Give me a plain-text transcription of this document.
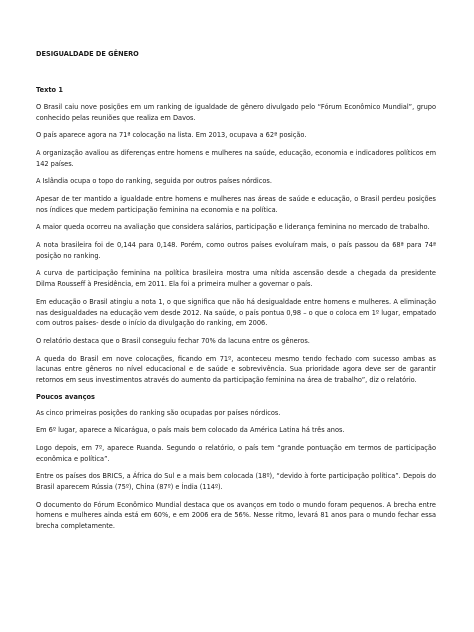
DESIGUALDADE DE GÊNERO

Texto 1

O Brasil caiu nove posições em um ranking de igualdade de gênero divulgado pelo “Fórum Econômico Mundial”, grupo conhecido pelas reuniões que realiza em Davos.

O país aparece agora na 71ª colocação na lista. Em 2013, ocupava a 62ª posição.

A organização avaliou as diferenças entre homens e mulheres na saúde, educação, economia e indicadores políticos em 142 países.

A Islândia ocupa o topo do ranking, seguida por outros países nórdicos.

Apesar de ter mantido a igualdade entre homens e mulheres nas áreas de saúde e educação, o Brasil perdeu posições nos índices que medem participação feminina na economia e na política.

A maior queda ocorreu na avaliação que considera salários, participação e liderança feminina no mercado de trabalho.

A nota brasileira foi de 0,144 para 0,148. Porém, como outros países evoluíram mais, o país passou da 68ª para 74ª posição no ranking.

A curva de participação feminina na política brasileira mostra uma nítida ascensão desde a chegada da presidente Dilma Rousseff à Presidência, em 2011. Ela foi a primeira mulher a governar o país.

Em educação o Brasil atingiu a nota 1, o que significa que não há desigualdade entre homens e mulheres. A eliminação nas desigualdades na educação vem desde 2012. Na saúde, o país pontua 0,98 – o que o coloca em 1º lugar, empatado com outros países- desde o início da divulgação do ranking, em 2006.

O relatório destaca que o Brasil conseguiu fechar 70% da lacuna entre os gêneros.

A queda do Brasil em nove colocações, ficando em 71º, aconteceu mesmo tendo fechado com sucesso ambas as lacunas entre gêneros no nível educacional e de saúde e sobrevivência. Sua prioridade agora deve ser de garantir retornos em seus investimentos através do aumento da participação feminina na área de trabalho”, diz o relatório.

Poucos avanços

As cinco primeiras posições do ranking são ocupadas por países nórdicos.

Em 6º lugar, aparece a Nicarágua, o país mais bem colocado da América Latina há três anos.

Logo depois, em 7º, aparece Ruanda. Segundo o relatório, o país tem “grande pontuação em termos de participação econômica e política”.

Entre os países dos BRICS, a África do Sul e a mais bem colocada (18º), “devido à forte participação política”. Depois do Brasil aparecem Rússia (75º), China (87º) e Índia (114º).

O documento do Fórum Econômico Mundial destaca que os avanços em todo o mundo foram pequenos. A brecha entre homens e mulheres ainda está em 60%, e em 2006 era de 56%. Nesse ritmo, levará 81 anos para o mundo fechar essa brecha completamente.
